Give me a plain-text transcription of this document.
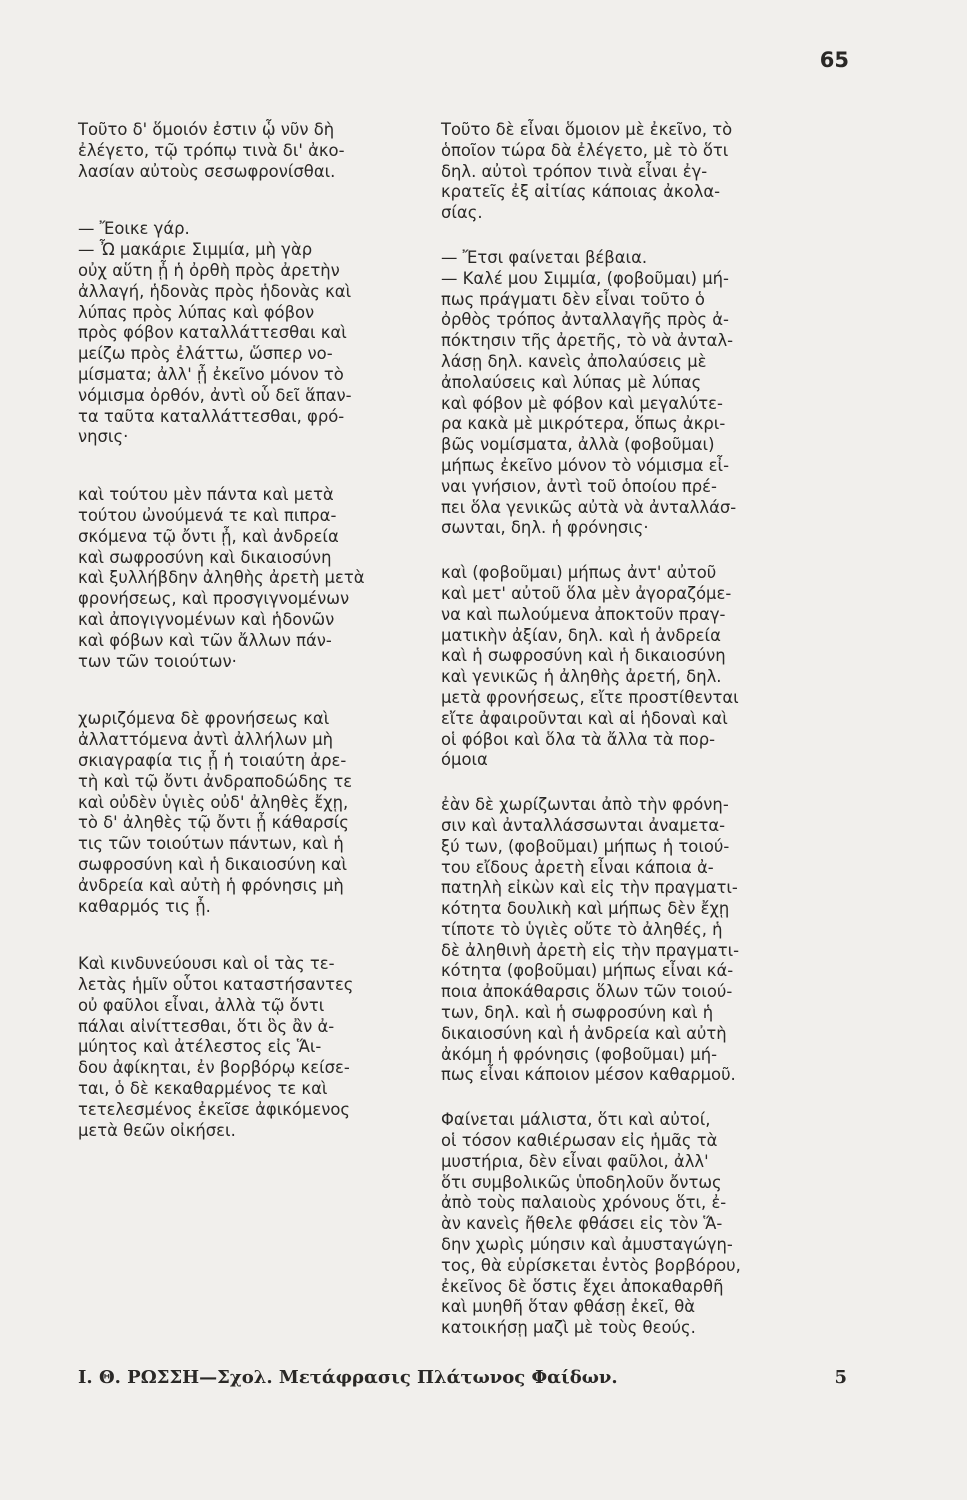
65
Τοῦτο δ' ὅμοιόν ἐστιν ᾧ νῦν δὴ
ἐλέγετο, τῷ τρόπῳ τινὰ δι' ἀκο-
λασίαν αὐτοὺς σεσωφρονίσθαι.
— Ἔοικε γάρ.
— Ὦ μακάριε Σιμμία, μὴ γὰρ
οὐχ αὕτη ᾖ ἡ ὀρθὴ πρὸς ἀρετὴν
ἀλλαγή, ἡδονὰς πρὸς ἡδονὰς καὶ
λύπας πρὸς λύπας καὶ φόβον
πρὸς φόβον καταλλάττεσθαι καὶ
μείζω πρὸς ἐλάττω, ὥσπερ νο-
μίσματα; ἀλλ' ᾖ ἐκεῖνο μόνον τὸ
νόμισμα ὀρθόν, ἀντὶ οὗ δεῖ ἅπαν-
τα ταῦτα καταλλάττεσθαι, φρό-
νησις·
καὶ τούτου μὲν πάντα καὶ μετὰ
τούτου ὠνούμενά τε καὶ πιπρα-
σκόμενα τῷ ὄντι ᾖ, καὶ ἀνδρεία
καὶ σωφροσύνη καὶ δικαιοσύνη
καὶ ξυλλήβδην ἀληθὴς ἀρετὴ μετὰ
φρονήσεως, καὶ προσγιγνομένων
καὶ ἀπογιγνομένων καὶ ἡδονῶν
καὶ φόβων καὶ τῶν ἄλλων πάν-
των τῶν τοιούτων·
χωριζόμενα δὲ φρονήσεως καὶ
ἀλλαττόμενα ἀντὶ ἀλλήλων μὴ
σκιαγραφία τις ᾖ ἡ τοιαύτη ἀρε-
τὴ καὶ τῷ ὄντι ἀνδραποδώδης τε
καὶ οὐδὲν ὑγιὲς οὐδ' ἀληθὲς ἔχῃ,
τὸ δ' ἀληθὲς τῷ ὄντι ᾖ κάθαρσίς
τις τῶν τοιούτων πάντων, καὶ ἡ
σωφροσύνη καὶ ἡ δικαιοσύνη καὶ
ἀνδρεία καὶ αὐτὴ ἡ φρόνησις μὴ
καθαρμός τις ᾖ.
Καὶ κινδυνεύουσι καὶ οἱ τὰς τε-
λετὰς ἡμῖν οὗτοι καταστήσαντες
οὐ φαῦλοι εἶναι, ἀλλὰ τῷ ὄντι
πάλαι αἰνίττεσθαι, ὅτι ὃς ἂν ἀ-
μύητος καὶ ἀτέλεστος εἰς Ἅι-
δου ἀφίκηται, ἐν βορβόρῳ κείσε-
ται, ὁ δὲ κεκαθαρμένος τε καὶ
τετελεσμένος ἐκεῖσε ἀφικόμενος
μετὰ θεῶν οἰκήσει.
Τοῦτο δὲ εἶναι ὅμοιον μὲ ἐκεῖνο, τὸ
ὁποῖον τώρα δὰ ἐλέγετο, μὲ τὸ ὅτι
δηλ. αὐτοὶ τρόπον τινὰ εἶναι ἐγ-
κρατεῖς ἐξ αἰτίας κάποιας ἀκολα-
σίας.
— Ἔτσι φαίνεται βέβαια.
— Καλέ μου Σιμμία, (φοβοῦμαι) μή-
πως πράγματι δὲν εἶναι τοῦτο ὁ
ὀρθὸς τρόπος ἀνταλλαγῆς πρὸς ἀ-
πόκτησιν τῆς ἀρετῆς, τὸ νὰ ἀνταλ-
λάσῃ δηλ. κανεὶς ἀπολαύσεις μὲ
ἀπολαύσεις καὶ λύπας μὲ λύπας
καὶ φόβον μὲ φόβον καὶ μεγαλύτε-
ρα κακὰ μὲ μικρότερα, ὅπως ἀκρι-
βῶς νομίσματα, ἀλλὰ (φοβοῦμαι)
μήπως ἐκεῖνο μόνον τὸ νόμισμα εἶ-
ναι γνήσιον, ἀντὶ τοῦ ὁποίου πρέ-
πει ὅλα γενικῶς αὐτὰ νὰ ἀνταλλάσ-
σωνται, δηλ. ἡ φρόνησις·
καὶ (φοβοῦμαι) μήπως ἀντ' αὐτοῦ
καὶ μετ' αὐτοῦ ὅλα μὲν ἀγοραζόμε-
να καὶ πωλούμενα ἀποκτοῦν πραγ-
ματικὴν ἀξίαν, δηλ. καὶ ἡ ἀνδρεία
καὶ ἡ σωφροσύνη καὶ ἡ δικαιοσύνη
καὶ γενικῶς ἡ ἀληθὴς ἀρετή, δηλ.
μετὰ φρονήσεως, εἴτε προστίθενται
εἴτε ἀφαιροῦνται καὶ αἱ ἡδοναὶ καὶ
οἱ φόβοι καὶ ὅλα τὰ ἄλλα τὰ πορ-
όμοια
ἐὰν δὲ χωρίζωνται ἀπὸ τὴν φρόνη-
σιν καὶ ἀνταλλάσσωνται ἀναμετα-
ξύ των, (φοβοῦμαι) μήπως ἡ τοιού-
του εἴδους ἀρετὴ εἶναι κάποια ἀ-
πατηλὴ εἰκὼν καὶ εἰς τὴν πραγματι-
κότητα δουλικὴ καὶ μήπως δὲν ἔχῃ
τίποτε τὸ ὑγιὲς οὔτε τὸ ἀληθές, ἡ
δὲ ἀληθινὴ ἀρετὴ εἰς τὴν πραγματι-
κότητα (φοβοῦμαι) μήπως εἶναι κά-
ποια ἀποκάθαρσις ὅλων τῶν τοιού-
των, δηλ. καὶ ἡ σωφροσύνη καὶ ἡ
δικαιοσύνη καὶ ἡ ἀνδρεία καὶ αὐτὴ
ἀκόμη ἡ φρόνησις (φοβοῦμαι) μή-
πως εἶναι κάποιον μέσον καθαρμοῦ.
Φαίνεται μάλιστα, ὅτι καὶ αὐτοί,
οἱ τόσον καθιέρωσαν εἰς ἡμᾶς τὰ
μυστήρια, δὲν εἶναι φαῦλοι, ἀλλ'
ὅτι συμβολικῶς ὑποδηλοῦν ὄντως
ἀπὸ τοὺς παλαιοὺς χρόνους ὅτι, ἐ-
ὰν κανεὶς ἤθελε φθάσει εἰς τὸν Ἅ-
δην χωρὶς μύησιν καὶ ἀμυσταγώγη-
τος, θὰ εὑρίσκεται ἐντὸς βορβόρου,
ἐκεῖνος δὲ ὅστις ἔχει ἀποκαθαρθῆ
καὶ μυηθῆ ὅταν φθάσῃ ἐκεῖ, θὰ
κατοικήσῃ μαζὶ μὲ τοὺς θεούς.
Ι. Θ. ΡΩΣΣΗ—Σχολ. Μετάφρασις Πλάτωνος Φαίδων.	5
